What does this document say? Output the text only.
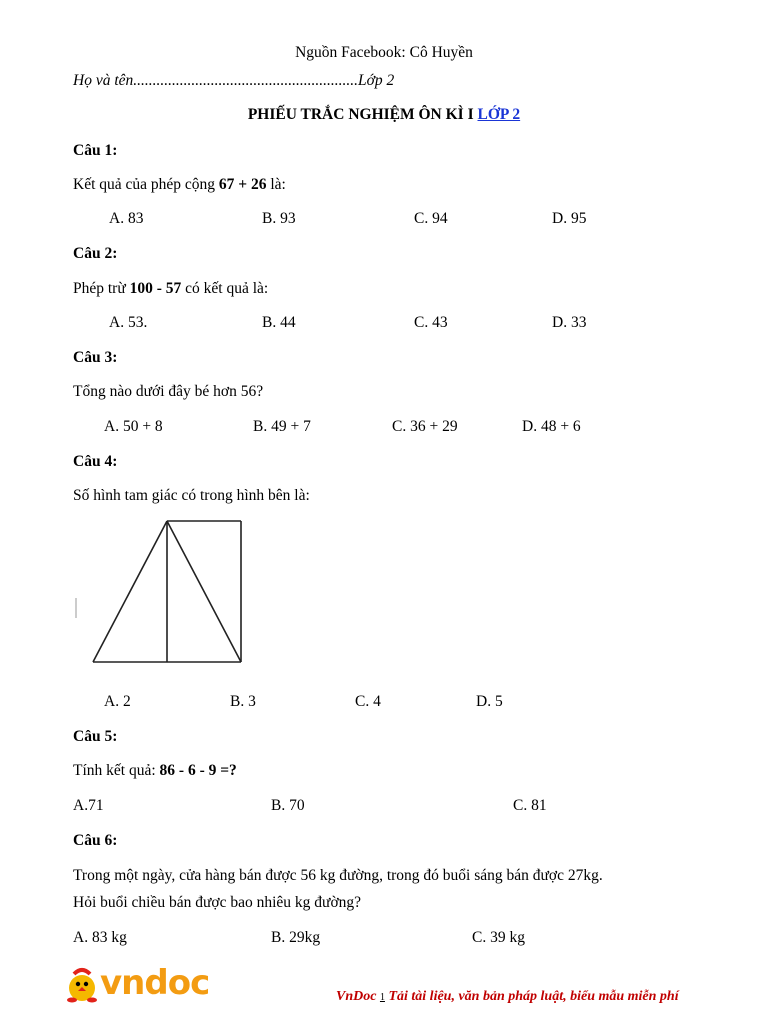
Nguồn Facebook: Cô Huyền
Họ và tên..........................................................Lớp 2
PHIẾU TRẮC NGHIỆM ÔN KÌ I LỚP 2
Câu 1:
Kết quả của phép cộng 67 + 26 là:
A. 83	B. 93	C. 94	D. 95
Câu 2:
Phép trừ 100 - 57 có kết quả là:
A. 53.	B. 44	C. 43	D. 33
Câu 3:
Tổng nào dưới đây bé hơn 56?
A. 50 + 8	B. 49 + 7	C. 36 + 29	D. 48 + 6
Câu 4:
Số hình tam giác có trong hình bên là:
A. 2	B. 3	C. 4	D. 5
Câu 5:
Tính kết quả: 86 - 6 - 9 =?
A.71	B. 70	C. 81
Câu 6:
Trong một ngày, cửa hàng bán được 56 kg đường, trong đó buổi sáng bán được 27kg.
Hỏi buổi chiều bán được bao nhiêu kg đường?
A. 83 kg	B. 29kg	C. 39 kg
vndoc	VnDoc 1 Tải tài liệu, văn bản pháp luật, biểu mẫu miễn phí
